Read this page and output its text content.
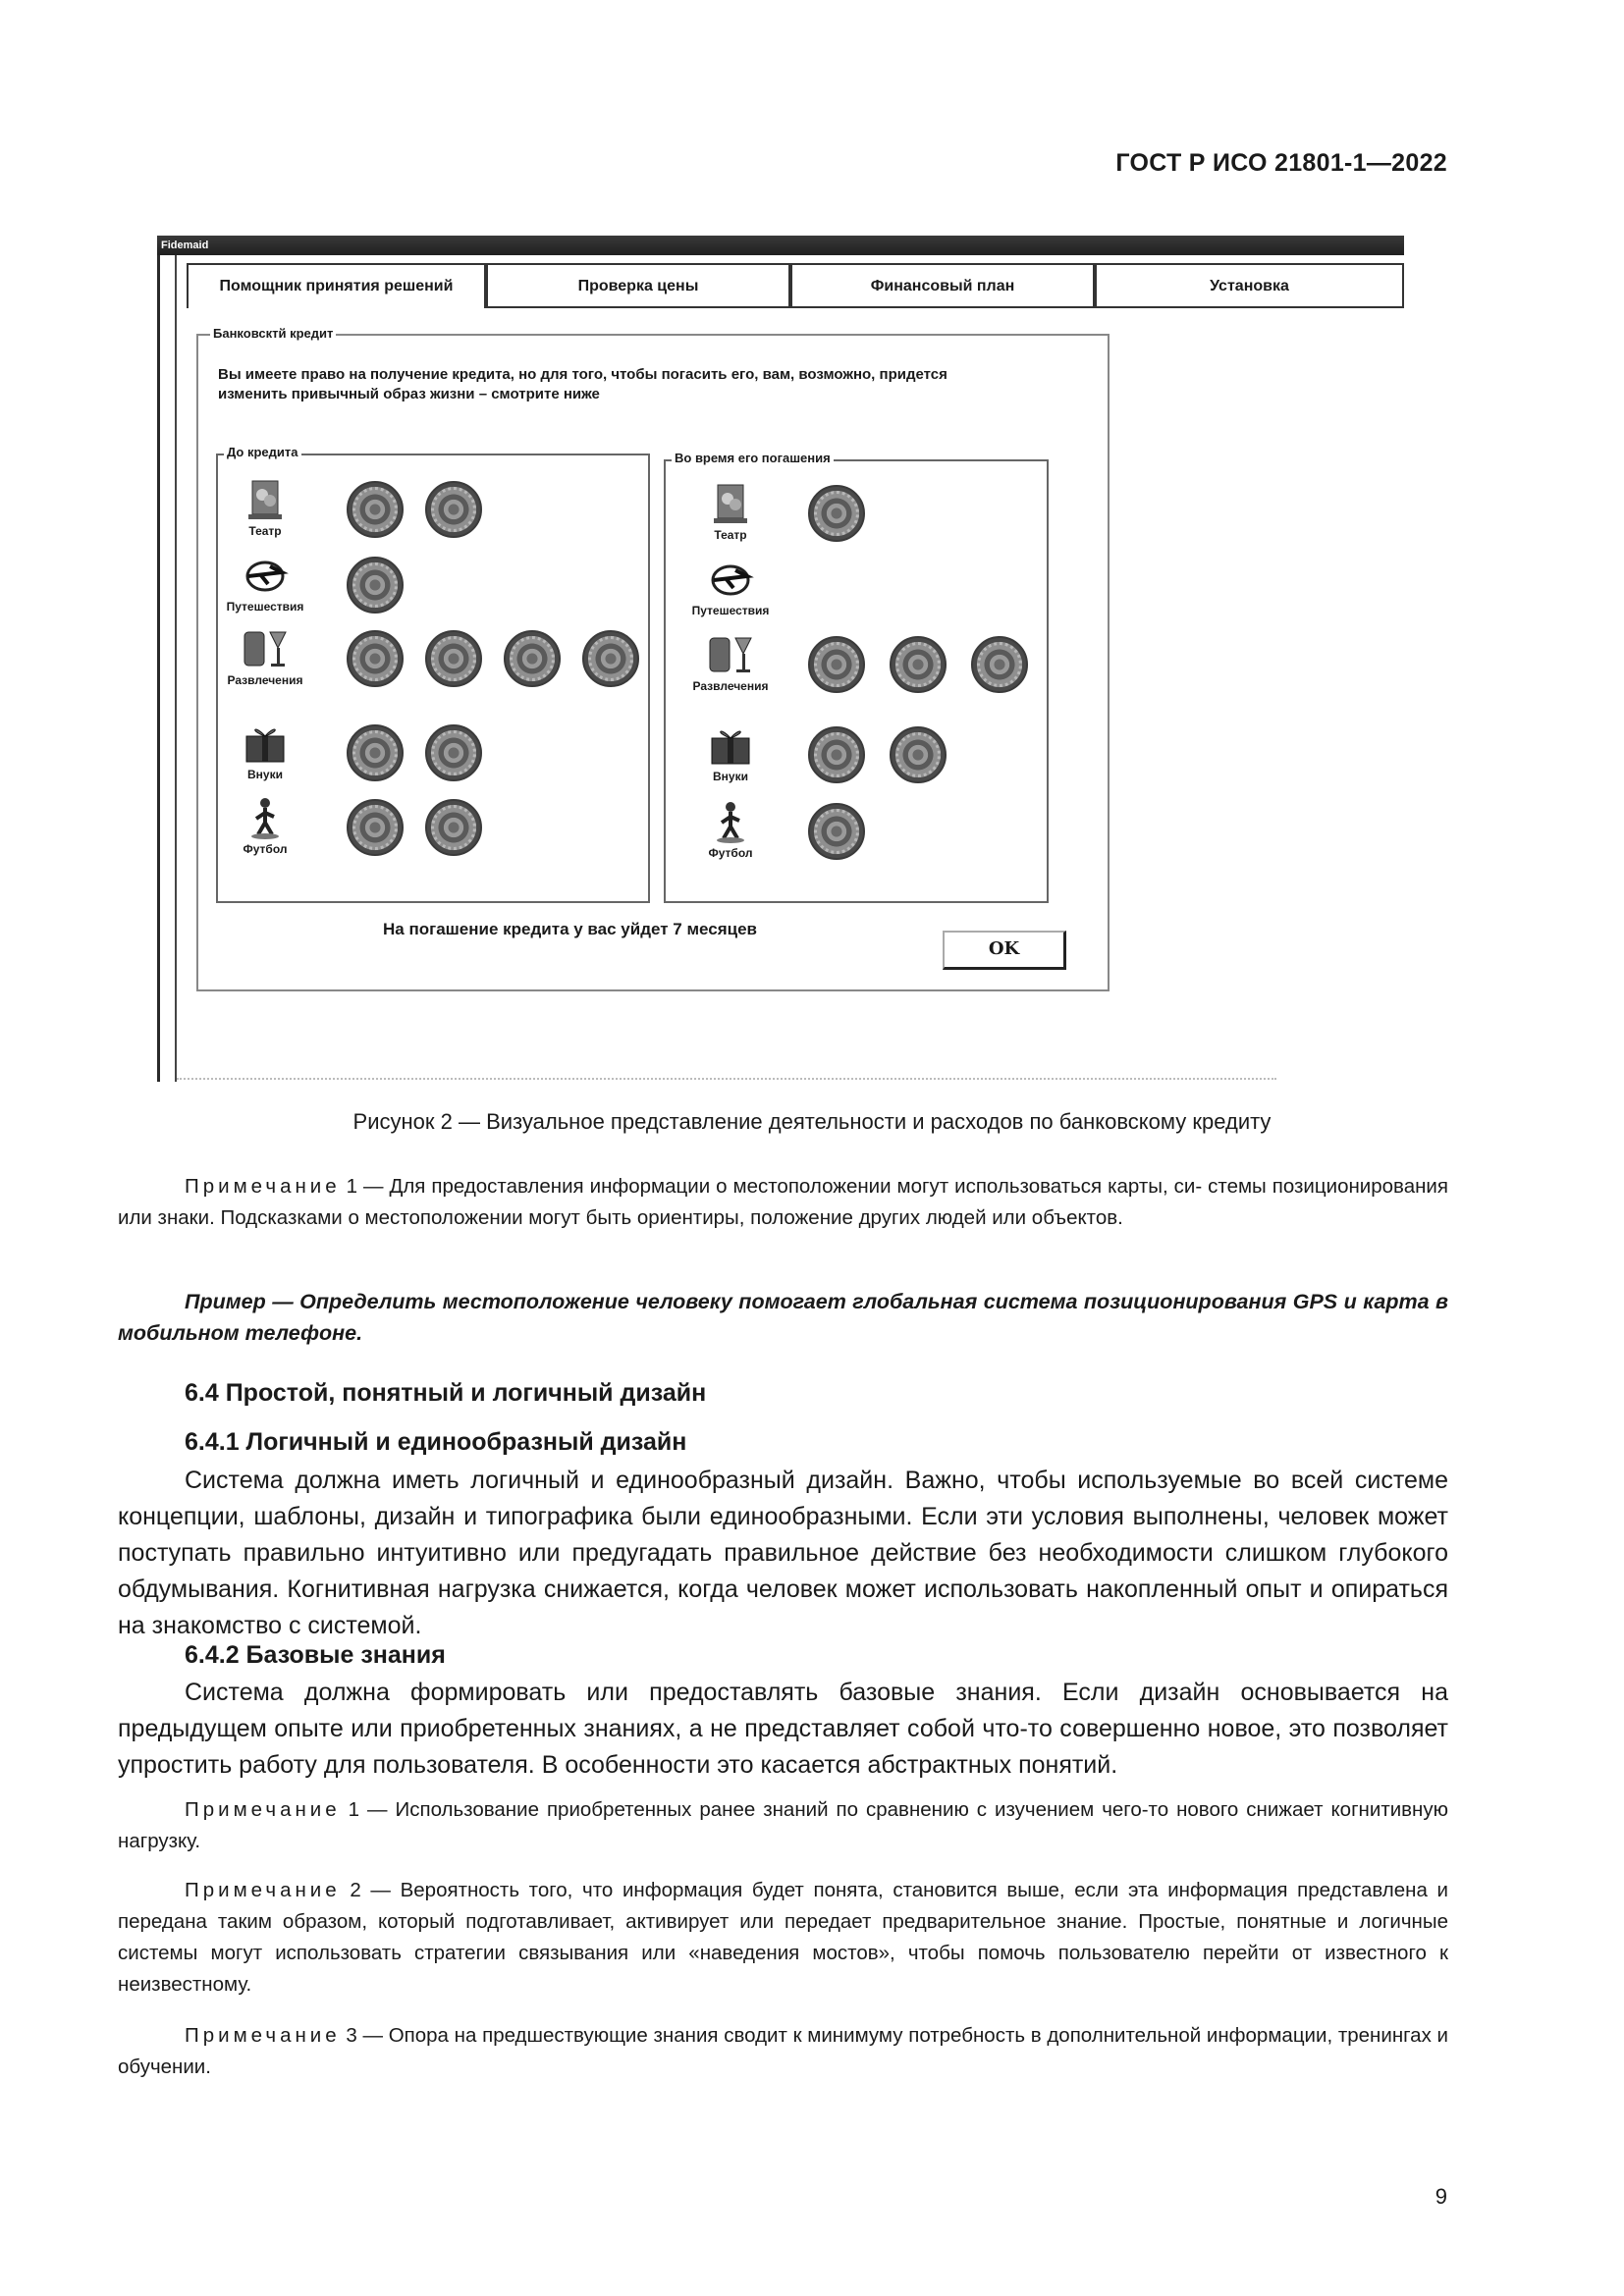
ГОСТ Р ИСО 21801-1—2022
Fidemaid
Помощник принятия решений	Проверка цены	Финансовый план	Установка
Банковсктй кредит
Вы имеете право на получение кредита, но для того, чтобы погасить его, вам, возможно, придется
изменить привычный образ жизни – смотрите ниже
До кредита
Театр
Путешествия
Развлечения
Внуки
Футбол
Во время его погашения
Театр
Путешествия
Развлечения
Внуки
Футбол
На погашение кредита у вас уйдет 7 месяцев
OK
Рисунок 2 — Визуальное представление деятельности и расходов по банковскому кредиту
Примечание 1 — Для предоставления информации о местоположении могут использоваться карты, си- стемы позиционирования или знаки. Подсказками о местоположении могут быть ориентиры, положение других людей или объектов.
Пример — Определить местоположение человеку помогает глобальная система позиционирования GPS и карта в мобильном телефоне.
6.4 Простой, понятный и логичный дизайн
6.4.1 Логичный и единообразный дизайн
Система должна иметь логичный и единообразный дизайн. Важно, чтобы используемые во всей системе концепции, шаблоны, дизайн и типографика были единообразными. Если эти условия выполнены, человек может поступать правильно интуитивно или предугадать правильное действие без необходимости слишком глубокого обдумывания. Когнитивная нагрузка снижается, когда человек может использовать накопленный опыт и опираться на знакомство с системой.
6.4.2 Базовые знания
Система должна формировать или предоставлять базовые знания. Если дизайн основывается на предыдущем опыте или приобретенных знаниях, а не представляет собой что-то совершенно новое, это позволяет упростить работу для пользователя. В особенности это касается абстрактных понятий.
Примечание 1 — Использование приобретенных ранее знаний по сравнению с изучением чего-то нового снижает когнитивную нагрузку.
Примечание 2 — Вероятность того, что информация будет понята, становится выше, если эта информация представлена и передана таким образом, который подготавливает, активирует или передает предварительное знание. Простые, понятные и логичные системы могут использовать стратегии связывания или «наведения мостов», чтобы помочь пользователю перейти от известного к неизвестному.
Примечание 3 — Опора на предшествующие знания сводит к минимуму потребность в дополнительной информации, тренингах и обучении.
9
